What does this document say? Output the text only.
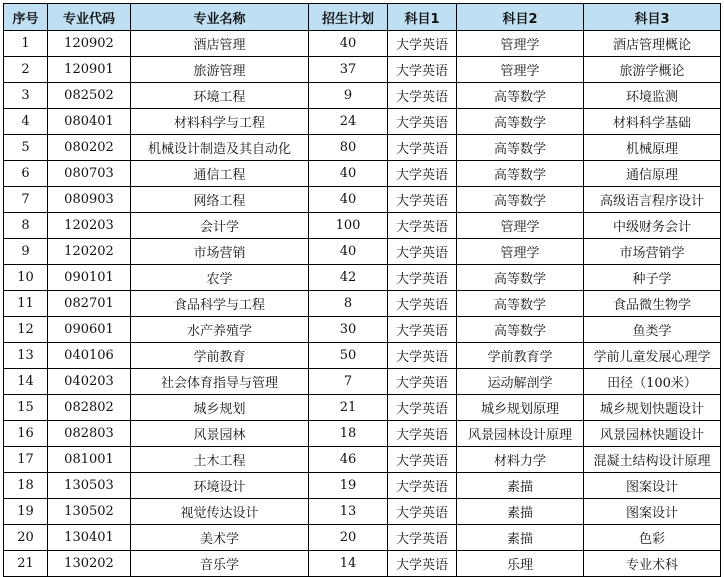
序号	专业代码	专业名称	招生计划	科目1	科目2	科目3
1	120902	酒店管理	40	大学英语	管理学	酒店管理概论
2	120901	旅游管理	37	大学英语	管理学	旅游学概论
3	082502	环境工程	9	大学英语	高等数学	环境监测
4	080401	材料科学与工程	24	大学英语	高等数学	材料科学基础
5	080202	机械设计制造及其自动化	80	大学英语	高等数学	机械原理
6	080703	通信工程	40	大学英语	高等数学	通信原理
7	080903	网络工程	40	大学英语	高等数学	高级语言程序设计
8	120203	会计学	100	大学英语	管理学	中级财务会计
9	120202	市场营销	40	大学英语	管理学	市场营销学
10	090101	农学	42	大学英语	高等数学	种子学
11	082701	食品科学与工程	8	大学英语	高等数学	食品微生物学
12	090601	水产养殖学	30	大学英语	高等数学	鱼类学
13	040106	学前教育	50	大学英语	学前教育学	学前儿童发展心理学
14	040203	社会体育指导与管理	7	大学英语	运动解剖学	田径（100米）
15	082802	城乡规划	21	大学英语	城乡规划原理	城乡规划快题设计
16	082803	风景园林	18	大学英语	风景园林设计原理	风景园林快题设计
17	081001	土木工程	46	大学英语	材料力学	混凝土结构设计原理
18	130503	环境设计	19	大学英语	素描	图案设计
19	130502	视觉传达设计	13	大学英语	素描	图案设计
20	130401	美术学	20	大学英语	素描	色彩
21	130202	音乐学	14	大学英语	乐理	专业术科
